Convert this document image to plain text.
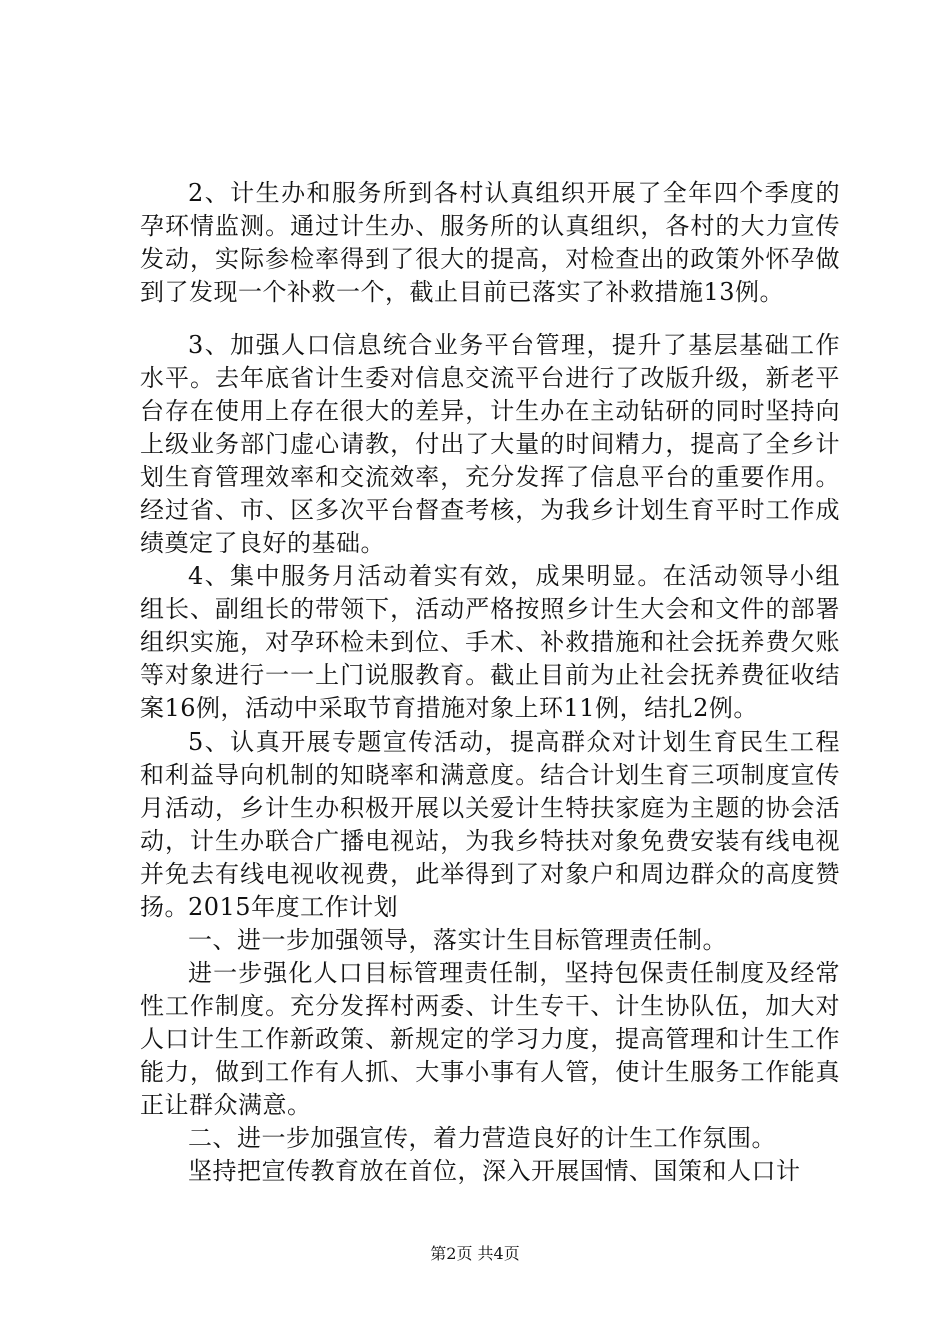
2、计生办和服务所到各村认真组织开展了全年四个季度的孕环情监测。通过计生办、服务所的认真组织，各村的大力宣传发动，实际参检率得到了很大的提高，对检查出的政策外怀孕做到了发现一个补救一个，截止目前已落实了补救措施13例。

3、加强人口信息统合业务平台管理，提升了基层基础工作水平。去年底省计生委对信息交流平台进行了改版升级，新老平台存在使用上存在很大的差异，计生办在主动钻研的同时坚持向上级业务部门虚心请教，付出了大量的时间精力，提高了全乡计划生育管理效率和交流效率，充分发挥了信息平台的重要作用。经过省、市、区多次平台督查考核，为我乡计划生育平时工作成绩奠定了良好的基础。

4、集中服务月活动着实有效，成果明显。在活动领导小组组长、副组长的带领下，活动严格按照乡计生大会和文件的部署组织实施，对孕环检未到位、手术、补救措施和社会抚养费欠账等对象进行一一上门说服教育。截止目前为止社会抚养费征收结案16例，活动中采取节育措施对象上环11例，结扎2例。

5、认真开展专题宣传活动，提高群众对计划生育民生工程和利益导向机制的知晓率和满意度。结合计划生育三项制度宣传月活动，乡计生办积极开展以关爱计生特扶家庭为主题的协会活动，计生办联合广播电视站，为我乡特扶对象免费安装有线电视并免去有线电视收视费，此举得到了对象户和周边群众的高度赞扬。 2015年度工作计划

一、进一步加强领导，落实计生目标管理责任制。

进一步强化人口目标管理责任制，坚持包保责任制度及经常性工作制度。充分发挥村两委、计生专干、计生协队伍，加大对人口计生工作新政策、新规定的学习力度，提高管理和计生工作能力，做到工作有人抓、大事小事有人管，使计生服务工作能真正让群众满意。

二、进一步加强宣传，着力营造良好的计生工作氛围。

坚持把宣传教育放在首位，深入开展国情、国策和人口计

第2页 共4页
